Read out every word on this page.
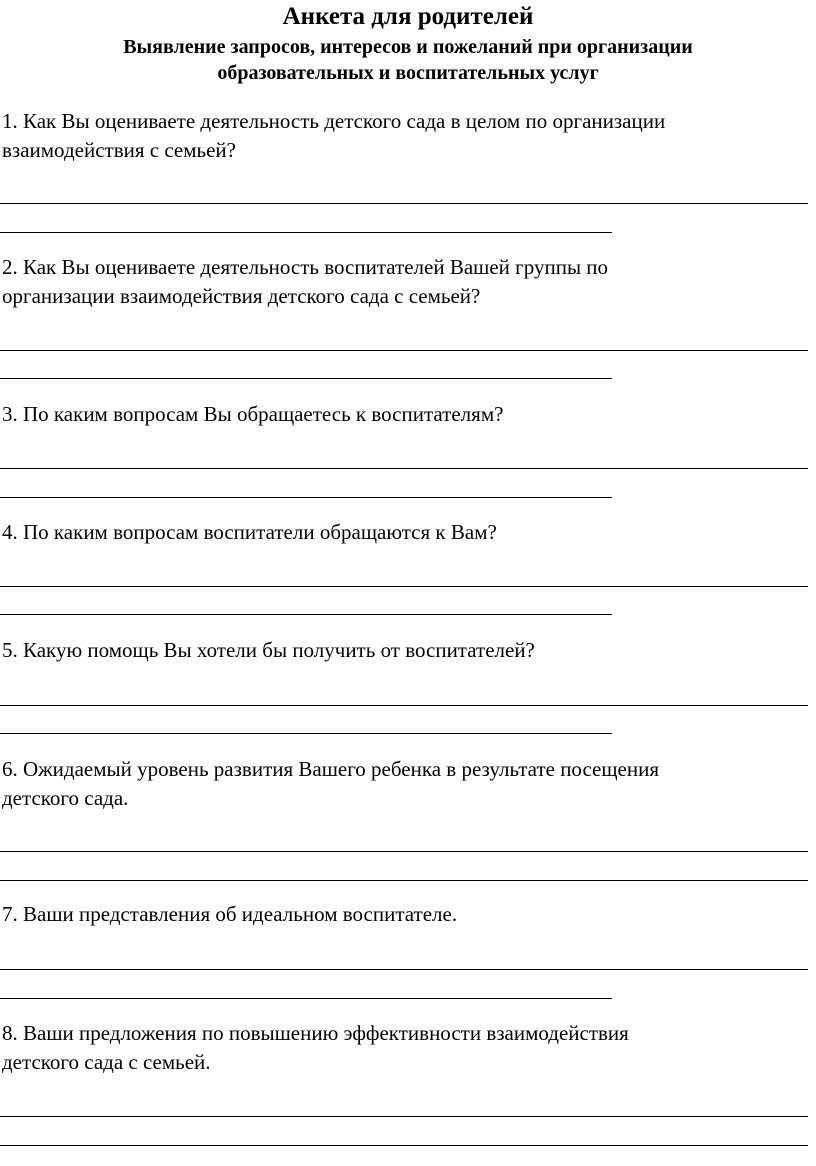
Анкета для родителей
Выявление запросов, интересов и пожеланий при организации
образовательных и воспитательных услуг
1. Как Вы оцениваете деятельность детского сада в целом по организации
взаимодействия с семьей?
2. Как Вы оцениваете деятельность воспитателей Вашей группы по
организации взаимодействия детского сада с семьей?
3. По каким вопросам Вы обращаетесь к воспитателям?
4. По каким вопросам воспитатели обращаются к Вам?
5. Какую помощь Вы хотели бы получить от воспитателей?
6. Ожидаемый уровень развития Вашего ребенка в результате посещения
детского сада.
7. Ваши представления об идеальном воспитателе.
8. Ваши предложения по повышению эффективности взаимодействия
детского сада с семьей.
